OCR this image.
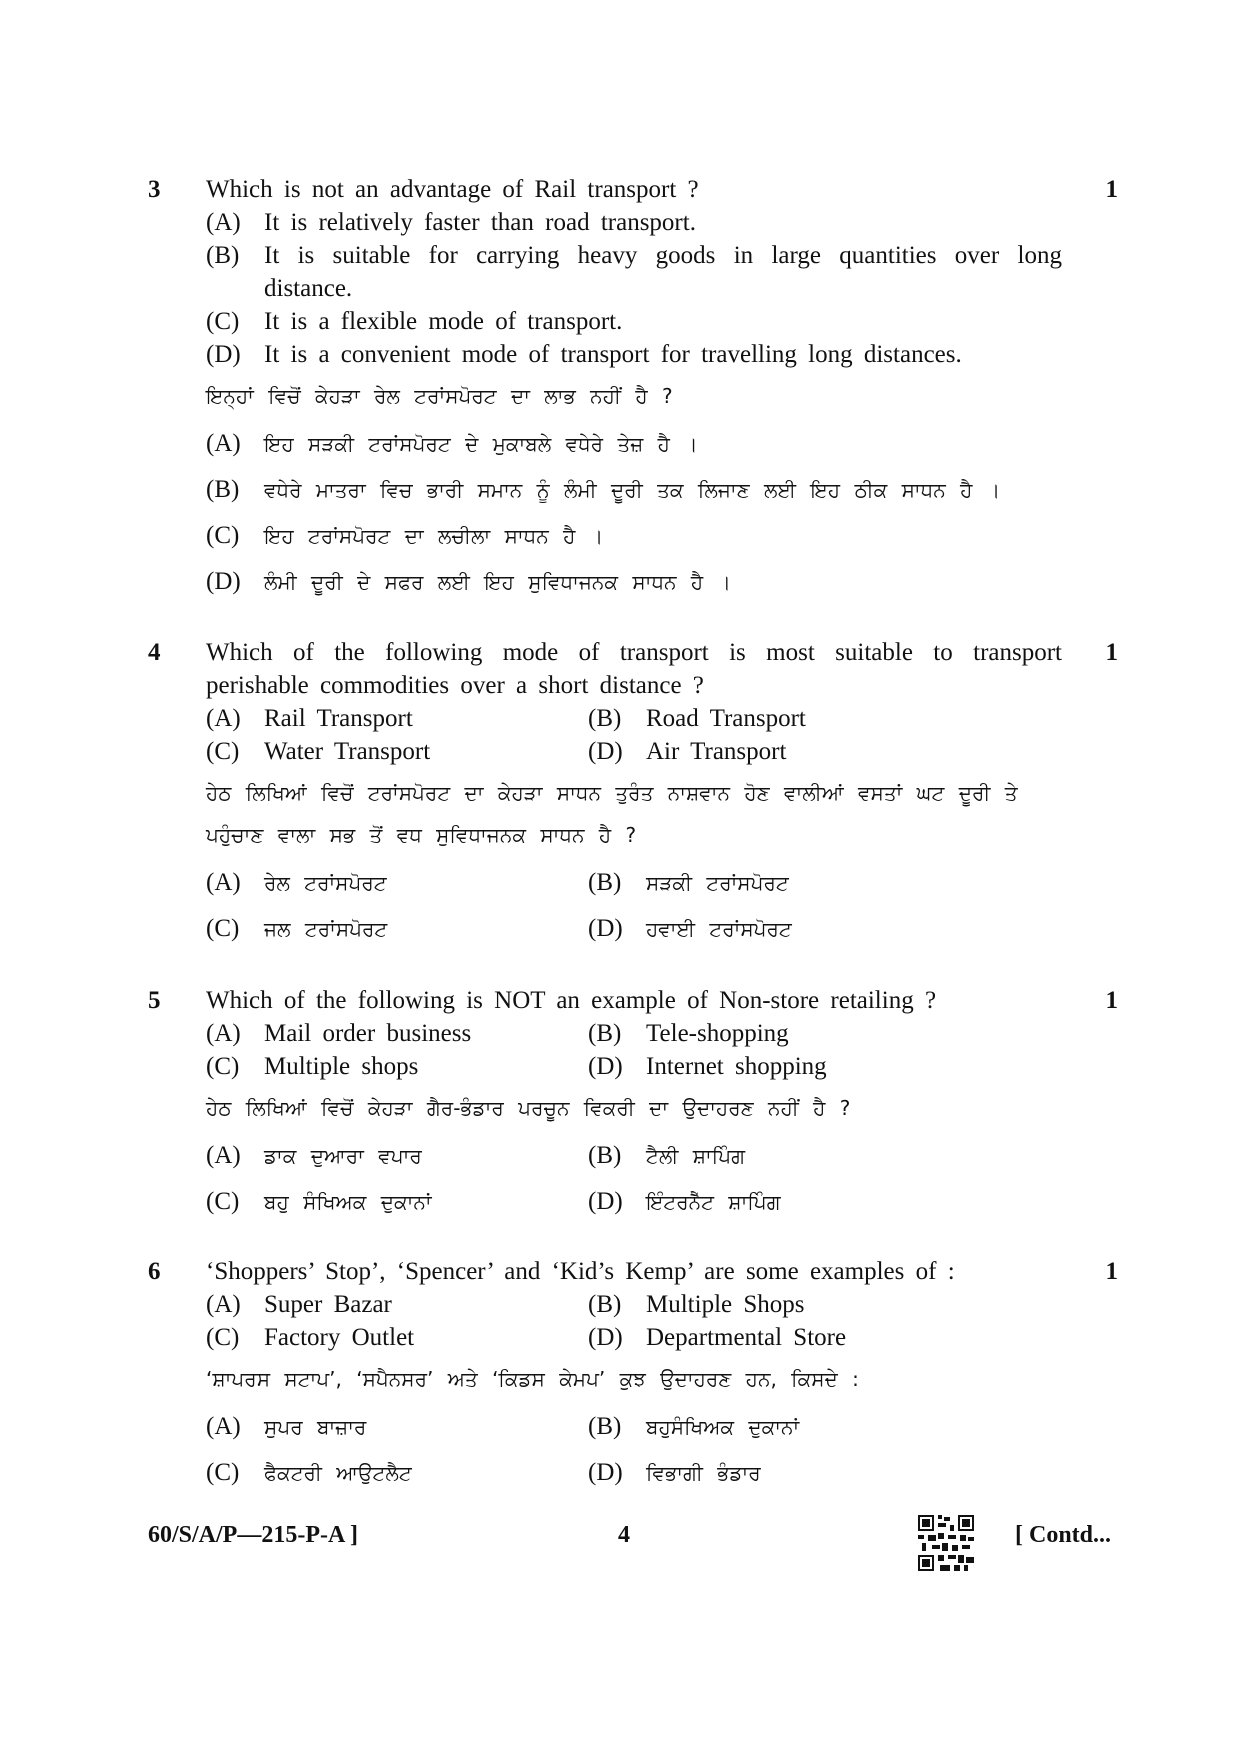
3	1
Which is not an advantage of Rail transport ?
(A) It is relatively faster than road transport.
(B) It is suitable for carrying heavy goods in large quantities over long distance.
(C) It is a flexible mode of transport.
(D) It is a convenient mode of transport for travelling long distances.
ਇਨ੍ਹਾਂ ਵਿਚੋਂ ਕੇਹੜਾ ਰੇਲ ਟਰਾਂਸਪੋਰਟ ਦਾ ਲਾਭ ਨਹੀਂ ਹੈ ?
(A)	ਇਹ ਸੜਕੀ ਟਰਾਂਸਪੋਰਟ ਦੇ ਮੁਕਾਬਲੇ ਵਧੇਰੇ ਤੇਜ਼ ਹੈ ।
(B)	ਵਧੇਰੇ ਮਾਤਰਾ ਵਿਚ ਭਾਰੀ ਸਮਾਨ ਨੂੰ ਲੰਮੀ ਦੂਰੀ ਤਕ ਲਿਜਾਣ ਲਈ ਇਹ ਠੀਕ ਸਾਧਨ ਹੈ ।
(C)	ਇਹ ਟਰਾਂਸਪੋਰਟ ਦਾ ਲਚੀਲਾ ਸਾਧਨ ਹੈ ।
(D)	ਲੰਮੀ ਦੂਰੀ ਦੇ ਸਫਰ ਲਈ ਇਹ ਸੁਵਿਧਾਜਨਕ ਸਾਧਨ ਹੈ ।
4	1
Which of the following mode of transport is most suitable to transport perishable commodities over a short distance ?
(A) Rail Transport	(B) Road Transport
(C) Water Transport	(D) Air Transport
ਹੇਠ ਲਿਖਿਆਂ ਵਿਚੋਂ ਟਰਾਂਸਪੋਰਟ ਦਾ ਕੇਹੜਾ ਸਾਧਨ ਤੁਰੰਤ ਨਾਸ਼ਵਾਨ ਹੋਣ ਵਾਲੀਆਂ ਵਸਤਾਂ ਘਟ ਦੂਰੀ ਤੇ
ਪਹੁੰਚਾਣ ਵਾਲਾ ਸਭ ਤੋਂ ਵਧ ਸੁਵਿਧਾਜਨਕ ਸਾਧਨ ਹੈ ?
(A)	ਰੇਲ ਟਰਾਂਸਪੋਰਟ	(B)	ਸੜਕੀ ਟਰਾਂਸਪੋਰਟ
(C)	ਜਲ ਟਰਾਂਸਪੋਰਟ	(D)	ਹਵਾਈ ਟਰਾਂਸਪੋਰਟ
5	1
Which of the following is NOT an example of Non-store retailing ?
(A) Mail order business	(B) Tele-shopping
(C) Multiple shops	(D) Internet shopping
ਹੇਠ ਲਿਖਿਆਂ ਵਿਚੋਂ ਕੇਹੜਾ ਗੈਰ-ਭੰਡਾਰ ਪਰਚੂਨ ਵਿਕਰੀ ਦਾ ਉਦਾਹਰਣ ਨਹੀਂ ਹੈ ?
(A)	ਡਾਕ ਦੁਆਰਾ ਵਪਾਰ	(B)	ਟੈਲੀ ਸ਼ਾਪਿੰਗ
(C)	ਬਹੁ ਸੰਖਿਅਕ ਦੁਕਾਨਾਂ	(D)	ਇੰਟਰਨੈੱਟ ਸ਼ਾਪਿੰਗ
6	1
‘Shoppers’ Stop’, ‘Spencer’ and ‘Kid’s Kemp’ are some examples of :
(A) Super Bazar	(B) Multiple Shops
(C) Factory Outlet	(D) Departmental Store
‘ਸ਼ਾਪਰਸ ਸਟਾਪ’, ‘ਸਪੈਨਸਰ’ ਅਤੇ ‘ਕਿਡਸ ਕੇਮਪ’ ਕੁਝ ਉਦਾਹਰਣ ਹਨ, ਕਿਸਦੇ :
(A)	ਸੁਪਰ ਬਾਜ਼ਾਰ	(B)	ਬਹੁਸੰਖਿਅਕ ਦੁਕਾਨਾਂ
(C)	ਫੈਕਟਰੀ ਆਉਟਲੈਟ	(D)	ਵਿਭਾਗੀ ਭੰਡਾਰ
60/S/A/P—215-P-A ]	4	[ Contd...
